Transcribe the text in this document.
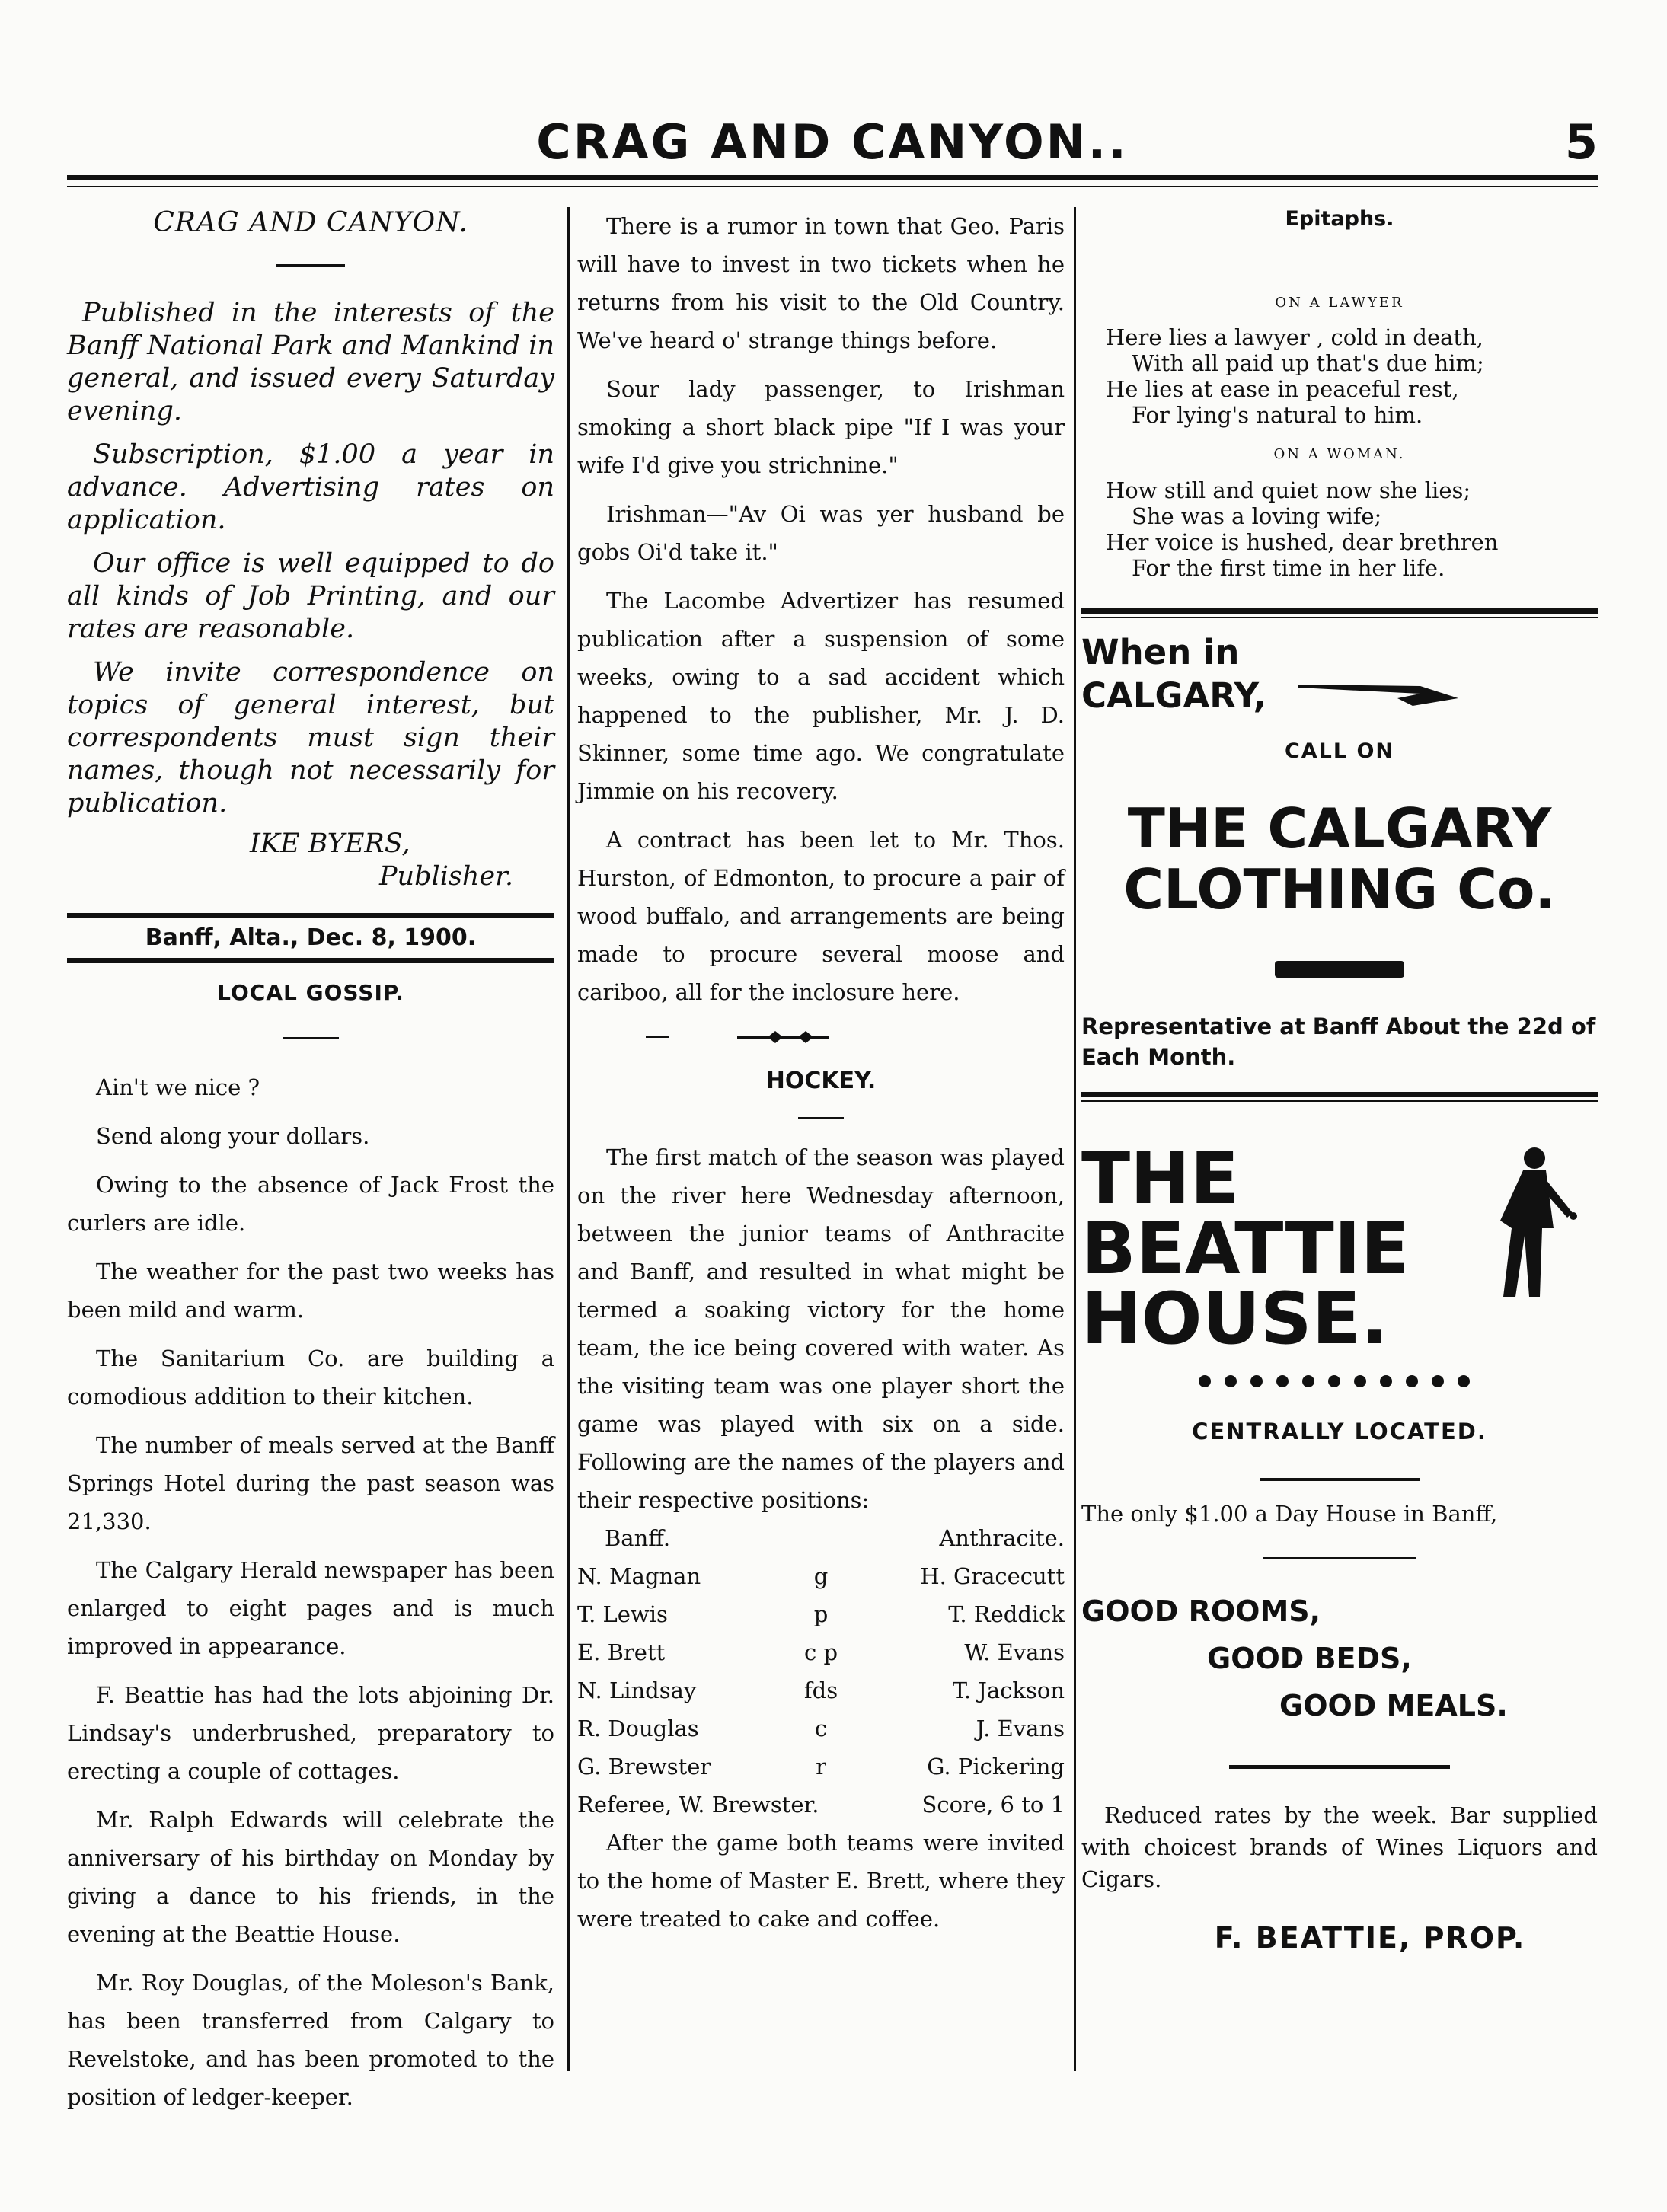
CRAG AND CANYON..	5
CRAG AND CANYON.

Published in the interests of the Banff National Park and Mankind in general, and issued every Saturday evening.

Subscription, $1.00 a year in advance. Advertising rates on application.

Our office is well equipped to do all kinds of Job Printing, and our rates are reasonable.

We invite correspondence on topics of general interest, but correspondents must sign their names, though not necessarily for publication.

IKE BYERS,
Publisher.
Banff, Alta., Dec. 8, 1900.
LOCAL GOSSIP.

Ain't we nice ?

Send along your dollars.

Owing to the absence of Jack Frost the curlers are idle.

The weather for the past two weeks has been mild and warm.

The Sanitarium Co. are building a comodious addition to their kitchen.

The number of meals served at the Banff Springs Hotel during the past season was 21,330.

The Calgary Herald newspaper has been enlarged to eight pages and is much improved in appearance.

F. Beattie has had the lots abjoining Dr. Lindsay's underbrushed, preparatory to erecting a couple of cottages.

Mr. Ralph Edwards will celebrate the anniversary of his birthday on Monday by giving a dance to his friends, in the evening at the Beattie House.

Mr. Roy Douglas, of the Moleson's Bank, has been transferred from Calgary to Revelstoke, and has been promoted to the position of ledger-keeper.

There is a rumor in town that Geo. Paris will have to invest in two tickets when he returns from his visit to the Old Country. We've heard o' strange things before.

Sour lady passenger, to Irishman smoking a short black pipe "If I was your wife I'd give you strichnine."

Irishman—"Av Oi was yer husband be gobs Oi'd take it."

The Lacombe Advertizer has resumed publication after a suspension of some weeks, owing to a sad accident which happened to the publisher, Mr. J. D. Skinner, some time ago. We congratulate Jimmie on his recovery.

A contract has been let to Mr. Thos. Hurston, of Edmonton, to procure a pair of wood buffalo, and arrangements are being made to procure several moose and cariboo, all for the inclosure here.

HOCKEY.

The first match of the season was played on the river here Wednesday afternoon, between the junior teams of Anthracite and Banff, and resulted in what might be termed a soaking victory for the home team, the ice being covered with water. As the visiting team was one player short the game was played with six on a side. Following are the names of the players and their respective positions:

Banff.		Anthracite.
N. Magnan	g	H. Gracecutt
T. Lewis	p	T. Reddick
E. Brett	c p	W. Evans
N. Lindsay	fds	T. Jackson
R. Douglas	c	J. Evans
G. Brewster	r	G. Pickering
Referee, W. Brewster.		Score, 6 to 1

After the game both teams were invited to the home of Master E. Brett, where they were treated to cake and coffee.

Epitaphs.
ON A LAWYER
Here lies a lawyer , cold in death,
With all paid up that's due him;
He lies at ease in peaceful rest,
For lying's natural to him.
ON A WOMAN.
How still and quiet now she lies;
She was a loving wife;
Her voice is hushed, dear brethren
For the first time in her life.
When in
CALGARY,
CALL ON
THE CALGARY
CLOTHING Co.
Representative at Banff About the 22d of Each Month.
THE
BEATTIE
HOUSE.
CENTRALLY LOCATED.
The only $1.00 a Day House in Banff,
GOOD ROOMS,
GOOD BEDS,
GOOD MEALS.

Reduced rates by the week. Bar supplied with choicest brands of Wines Liquors and Cigars.

F. BEATTIE, PROP.
